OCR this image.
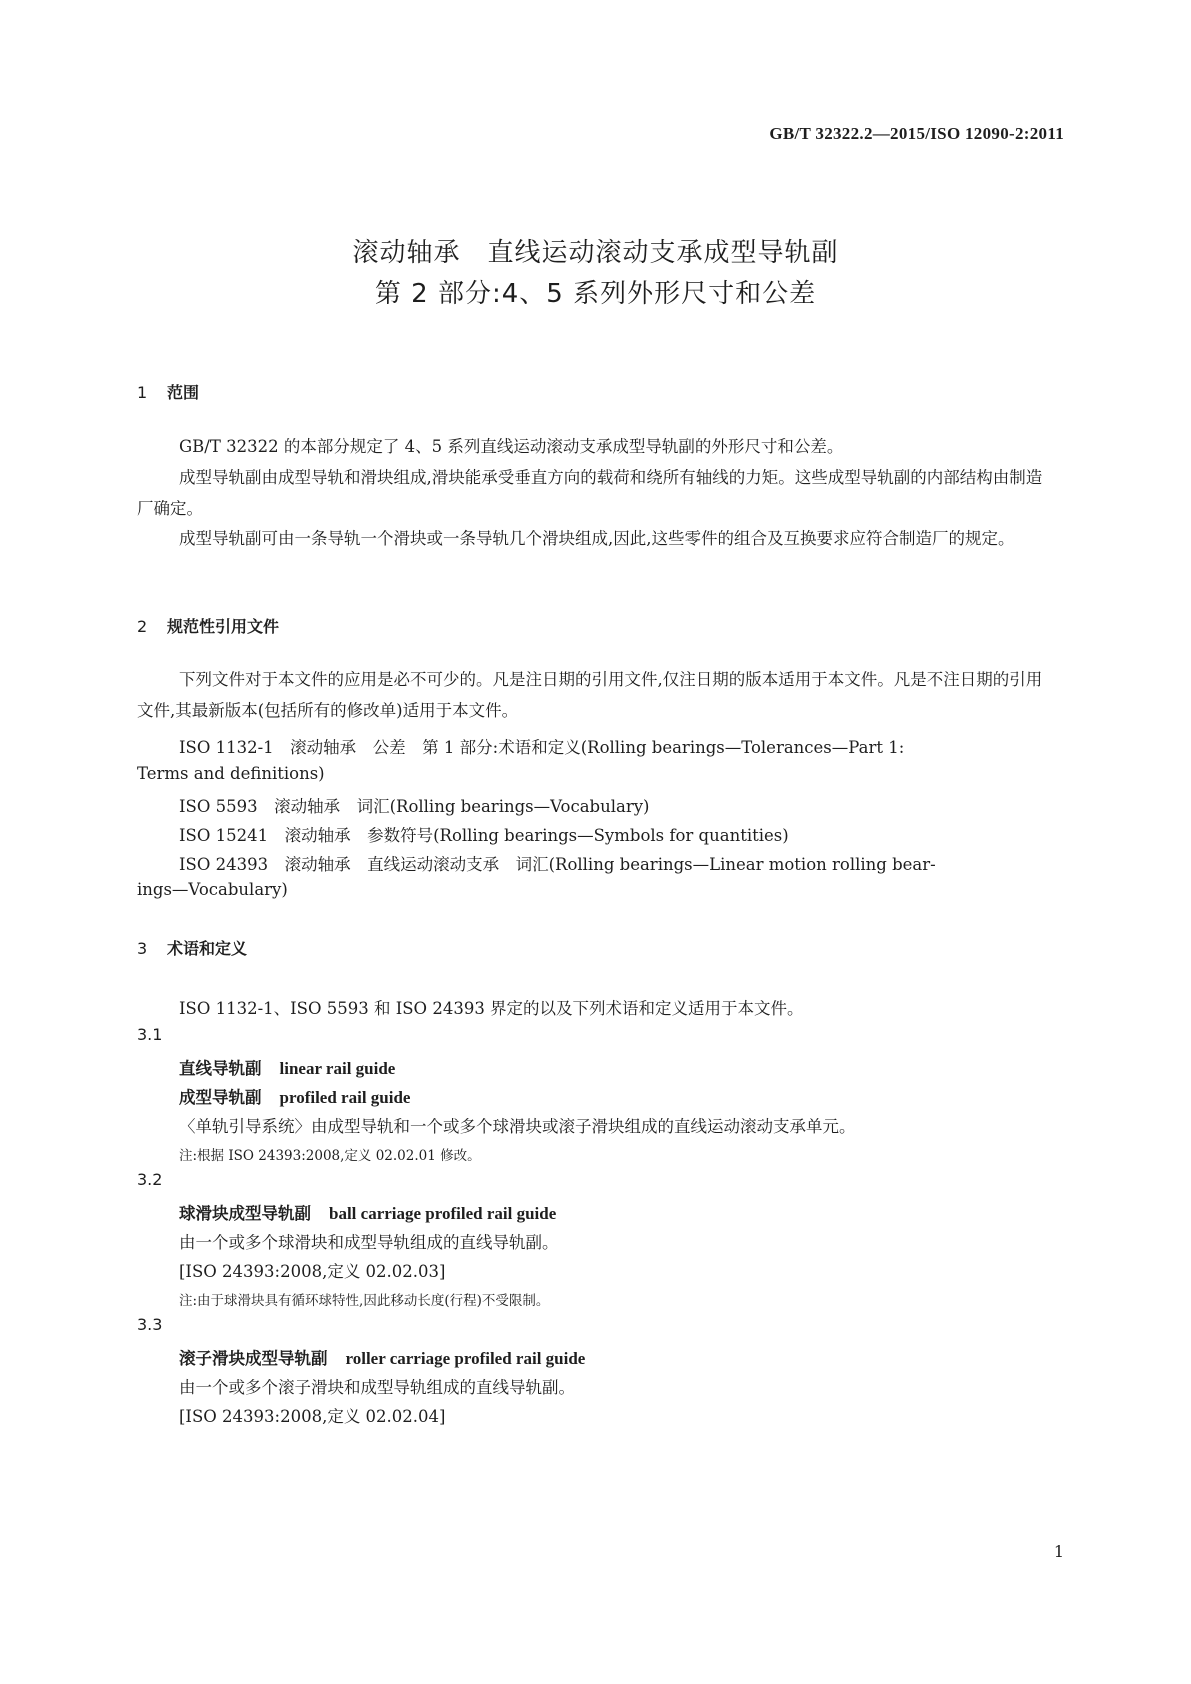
GB/T 32322.2—2015/ISO 12090-2:2011
滚动轴承　直线运动滚动支承成型导轨副
第 2 部分:4、5 系列外形尺寸和公差
1 范围

GB/T 32322 的本部分规定了 4、5 系列直线运动滚动支承成型导轨副的外形尺寸和公差。

成型导轨副由成型导轨和滑块组成,滑块能承受垂直方向的载荷和绕所有轴线的力矩。这些成型导轨副的内部结构由制造厂确定。

成型导轨副可由一条导轨一个滑块或一条导轨几个滑块组成,因此,这些零件的组合及互换要求应符合制造厂的规定。

2 规范性引用文件

下列文件对于本文件的应用是必不可少的。凡是注日期的引用文件,仅注日期的版本适用于本文件。凡是不注日期的引用文件,其最新版本(包括所有的修改单)适用于本文件。

ISO 1132-1　滚动轴承　公差　第 1 部分:术语和定义(Rolling bearings—Tolerances—Part 1:
Terms and definitions)
ISO 5593　滚动轴承　词汇(Rolling bearings—Vocabulary)
ISO 15241　滚动轴承　参数符号(Rolling bearings—Symbols for quantities)
ISO 24393　滚动轴承　直线运动滚动支承　词汇(Rolling bearings—Linear motion rolling bear-
ings—Vocabulary)
3 术语和定义
ISO 1132-1、ISO 5593 和 ISO 24393 界定的以及下列术语和定义适用于本文件。
3.1
直线导轨副 linear rail guide
成型导轨副 profiled rail guide
〈单轨引导系统〉由成型导轨和一个或多个球滑块或滚子滑块组成的直线运动滚动支承单元。
注:根据 ISO 24393:2008,定义 02.02.01 修改。
3.2
球滑块成型导轨副 ball carriage profiled rail guide
由一个或多个球滑块和成型导轨组成的直线导轨副。
[ISO 24393:2008,定义 02.02.03]
注:由于球滑块具有循环球特性,因此移动长度(行程)不受限制。
3.3
滚子滑块成型导轨副 roller carriage profiled rail guide
由一个或多个滚子滑块和成型导轨组成的直线导轨副。
[ISO 24393:2008,定义 02.02.04]
1
